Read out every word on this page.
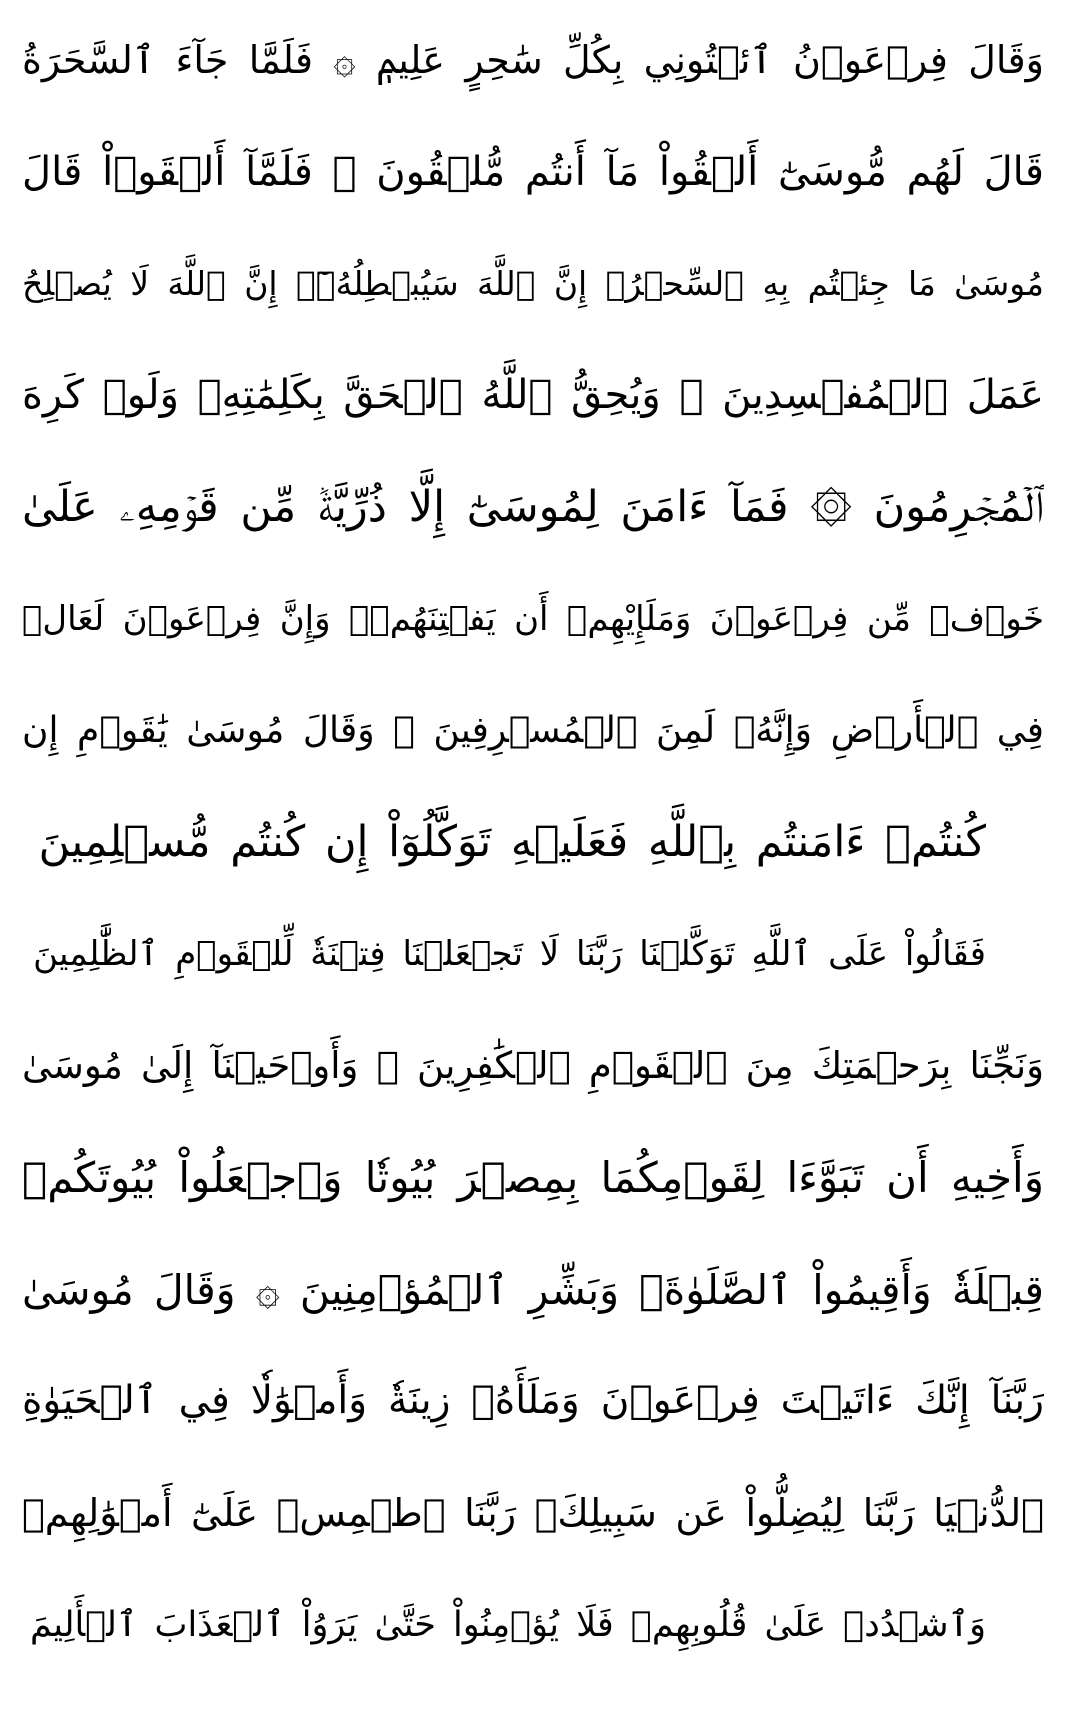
وَقَالَ فِرۡعَوۡنُ ٱئۡتُونِي بِكُلِّ سَٰحِرٍ عَلِيمٖ ۞ فَلَمَّا جَآءَ ٱلسَّحَرَةُ
قَالَ لَهُم مُّوسَىٰٓ أَلۡقُواْ مَآ أَنتُم مُّلۡقُونَ ۞ فَلَمَّآ أَلۡقَوۡاْ قَالَ
مُوسَىٰ مَا جِئۡتُم بِهِ ٱلسِّحۡرُۖ إِنَّ ٱللَّهَ سَيُبۡطِلُهُۥٓۖ إِنَّ ٱللَّهَ لَا يُصۡلِحُ
عَمَلَ ٱلۡمُفۡسِدِينَ ۞ وَيُحِقُّ ٱللَّهُ ٱلۡحَقَّ بِكَلِمَٰتِهِۦ وَلَوۡ كَرِهَ
ٱلۡمُجۡرِمُونَ ۞ فَمَآ ءَامَنَ لِمُوسَىٰٓ إِلَّا ذُرِّيَّةٞ مِّن قَوۡمِهِۦ عَلَىٰ
خَوۡفٖ مِّن فِرۡعَوۡنَ وَمَلَإِيْهِمۡ أَن يَفۡتِنَهُمۡۚ وَإِنَّ فِرۡعَوۡنَ لَعَالٖ
فِي ٱلۡأَرۡضِ وَإِنَّهُۥ لَمِنَ ٱلۡمُسۡرِفِينَ ۞ وَقَالَ مُوسَىٰ يَٰقَوۡمِ إِن
كُنتُمۡ ءَامَنتُم بِٱللَّهِ فَعَلَيۡهِ تَوَكَّلُوٓاْ إِن كُنتُم مُّسۡلِمِينَ
فَقَالُواْ عَلَى ٱللَّهِ تَوَكَّلۡنَا رَبَّنَا لَا تَجۡعَلۡنَا فِتۡنَةٗ لِّلۡقَوۡمِ ٱلظَّٰلِمِينَ
وَنَجِّنَا بِرَحۡمَتِكَ مِنَ ٱلۡقَوۡمِ ٱلۡكَٰفِرِينَ ۞ وَأَوۡحَيۡنَآ إِلَىٰ مُوسَىٰ
وَأَخِيهِ أَن تَبَوَّءَا لِقَوۡمِكُمَا بِمِصۡرَ بُيُوتٗا وَٱجۡعَلُواْ بُيُوتَكُمۡ
قِبۡلَةٗ وَأَقِيمُواْ ٱلصَّلَوٰةَۗ وَبَشِّرِ ٱلۡمُؤۡمِنِينَ ۞ وَقَالَ مُوسَىٰ
رَبَّنَآ إِنَّكَ ءَاتَيۡتَ فِرۡعَوۡنَ وَمَلَأَهُۥ زِينَةٗ وَأَمۡوَٰلٗا فِي ٱلۡحَيَوٰةِ
ٱلدُّنۡيَا رَبَّنَا لِيُضِلُّواْ عَن سَبِيلِكَۖ رَبَّنَا ٱطۡمِسۡ عَلَىٰٓ أَمۡوَٰلِهِمۡ
وَٱشۡدُدۡ عَلَىٰ قُلُوبِهِمۡ فَلَا يُؤۡمِنُواْ حَتَّىٰ يَرَوُاْ ٱلۡعَذَابَ ٱلۡأَلِيمَ
